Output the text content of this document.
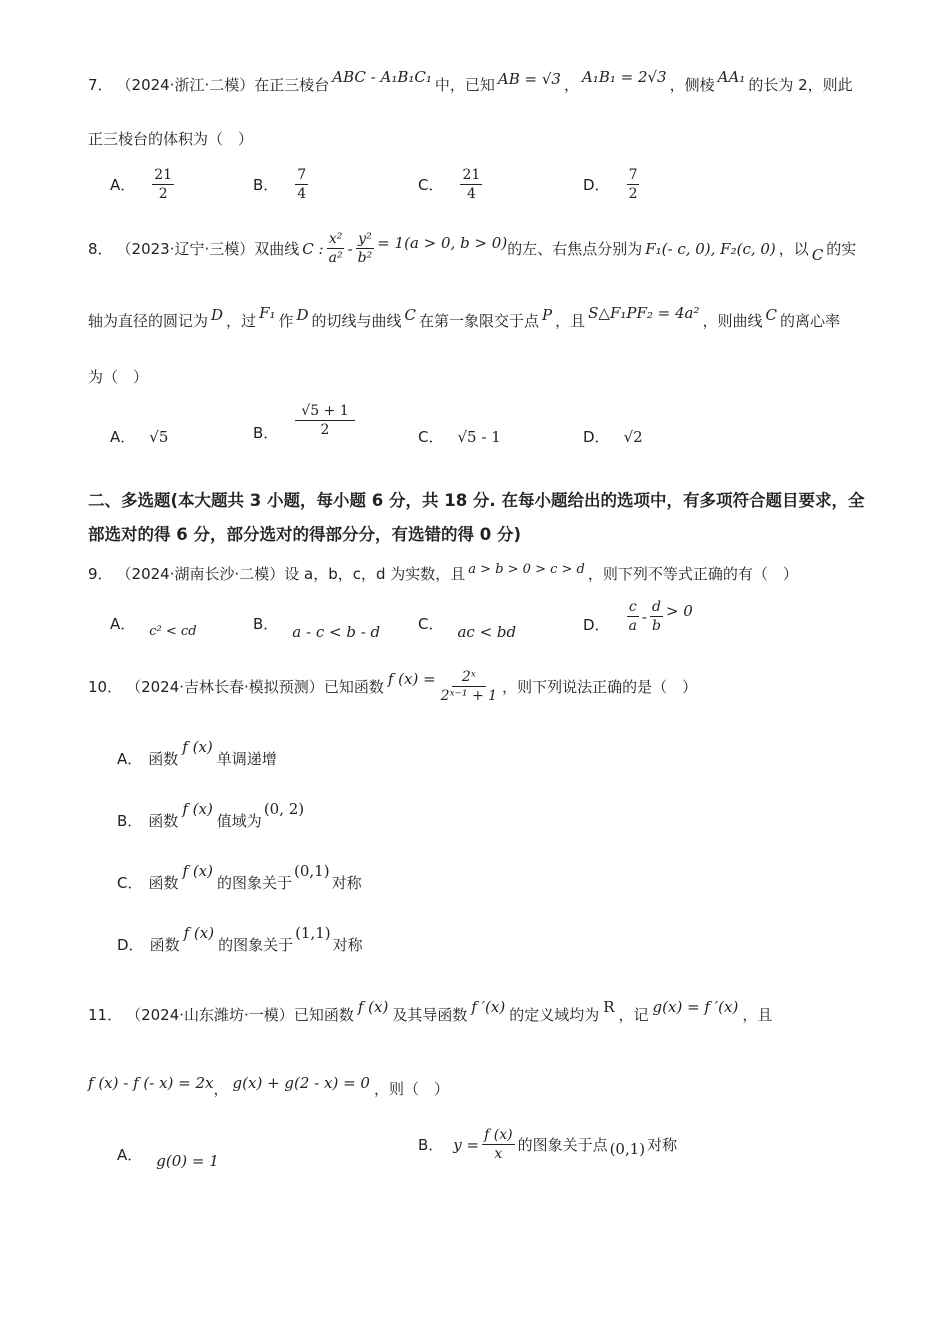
7． （2024·浙江·二模） 在正三棱台 ABC - A₁B₁C₁ 中，已知 AB = √3 ， A₁B₁ = 2√3 ，侧棱 AA₁ 的长为 2，则此
正三棱台的体积为（　）
A． $\frac{21}{2}$	B． $\frac{7}{4}$	C． $\frac{21}{4}$	D． $\frac{7}{2}$
8． （2023·辽宁·三模） 双曲线 C : $\frac{\text{x²}}{\text{a²}} - \frac{\text{y²}}{\text{b²}} = 1(a > 0$, b > 0) 的左、右焦点分别为 F₁(- c, 0), F₂(c, 0) ，以 C 的实
轴为直径的圆记为 D ，过 F₁ 作 D 的切线与曲线 C 在第一象限交于点 P ，且 S△F₁PF₂ = 4a² ，则曲线 C 的离心率
为（　）
A． √5	B． $\frac{√5 + 1}{2}$	C． √5 - 1	D． √2
二、多选题(本大题共 3 小题，每小题 6 分，共 18 分. 在每小题给出的选项中，有多项符合题目要求，全部选对的得 6 分，部分选对的得部分分，有选错的得 0 分)
9． （2024·湖南长沙·二模） 设 a，b，c，d 为实数，且 a > b > 0 > c > d ，则下列不等式正确的有（　）
A． c² < cd	B． a - c < b - d	C． ac < bd	D． $\frac{c}{a} - \frac{d}{b} > 0$
10． （2024·吉林长春·模拟预测） 已知函数 f $(x) = \frac{\text{2ˣ}}{\text{2ˣ⁻¹ + 1}}$ ，则下列说法正确的是（　）
A． 函数
f (x)
单调递增
B． 函数
f (x)
值域为
(0, 2)
C． 函数
f (x)
的图象关于
(0,1)
对称
D． 函数
f (x)
的图象关于
(1,1)
对称
11． （2024·山东潍坊·一模） 已知函数 f (x) 及其导函数 f ′(x) 的定义域均为 R ，记 g(x) = f ′(x) ，且
f (x) - f (- x) = 2x ， g(x) + g(2 - x) = 0 ，则（　）
A． g(0) = 1
B． $y = \frac{f (x)}{x}$ 的图象关于点 (0,1) 对称
